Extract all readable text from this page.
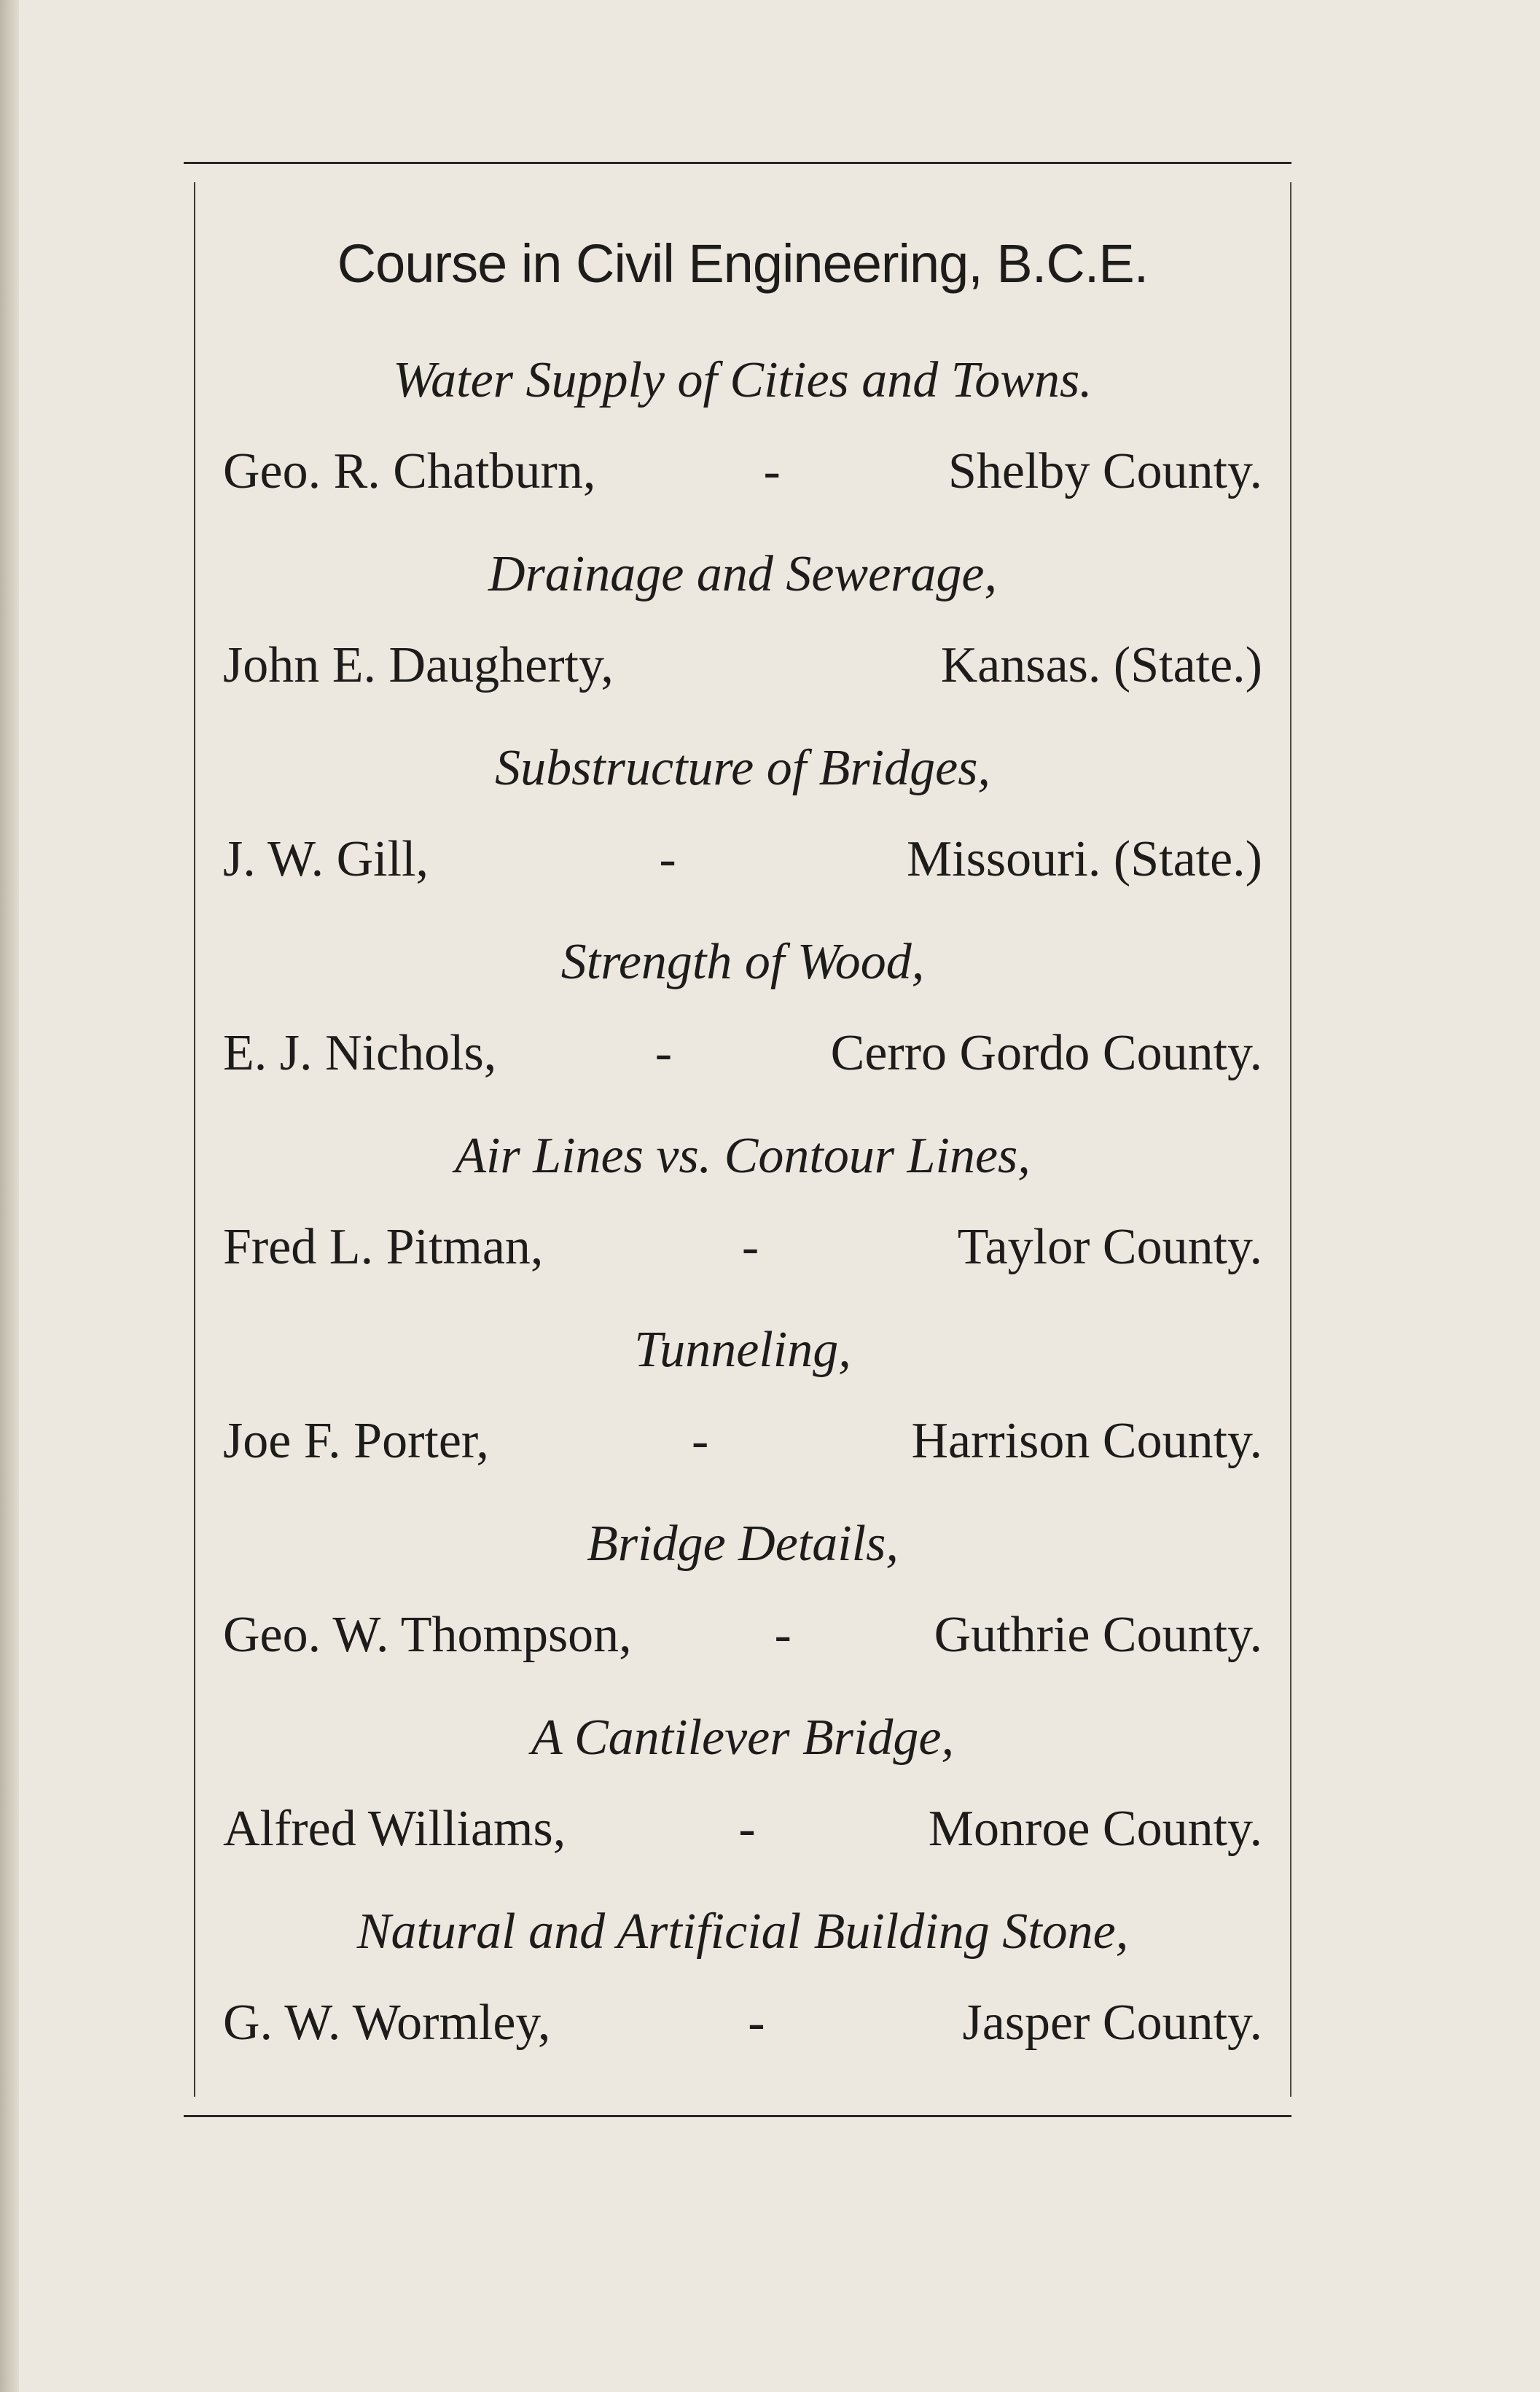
Course in Civil Engineering, B.C.E.
Water Supply of Cities and Towns.
Geo. R. Chatburn,	-	Shelby County.
Drainage and Sewerage,
John E. Daugherty,	Kansas. (State.)
Substructure of Bridges,
J. W. Gill,	-	Missouri. (State.)
Strength of Wood,
E. J. Nichols,	-	Cerro Gordo County.
Air Lines vs. Contour Lines,
Fred L. Pitman,	-	Taylor County.
Tunneling,
Joe F. Porter,	-	Harrison County.
Bridge Details,
Geo. W. Thompson,	-	Guthrie County.
A Cantilever Bridge,
Alfred Williams,	-	Monroe County.
Natural and Artificial Building Stone,
G. W. Wormley,	-	Jasper County.
